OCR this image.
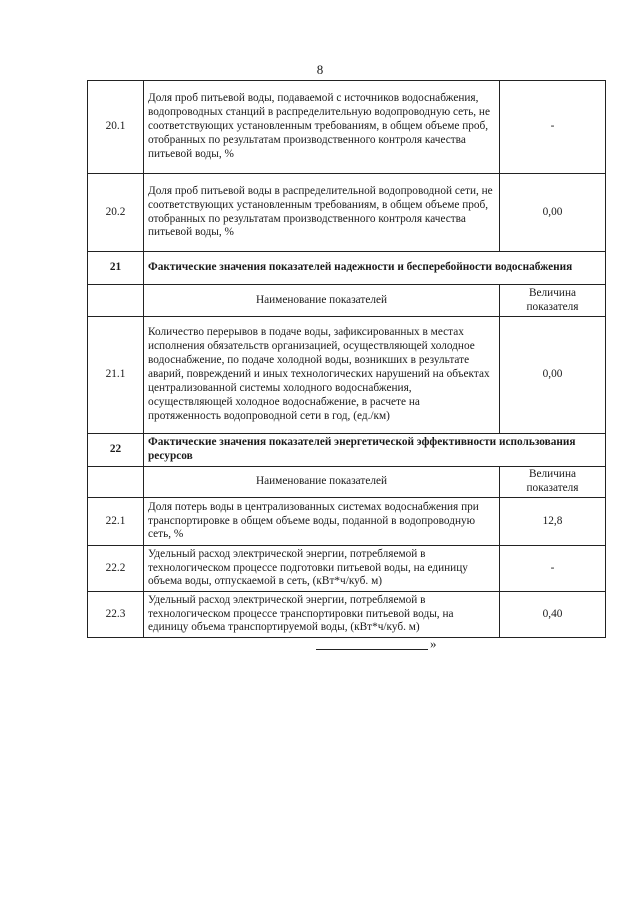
8
20.1	Доля проб питьевой воды, подаваемой с источников водоснабжения, водопроводных станций в распределительную водопроводную сеть, не соответствующих установленным требованиям, в общем объеме проб, отобранных по результатам производственного контроля качества питьевой воды, %	-
20.2	Доля проб питьевой воды в распределительной водопроводной сети, не соответствующих установленным требованиям, в общем объеме проб, отобранных по результатам производственного контроля качества питьевой воды, %	0,00
21	Фактические значения показателей надежности и бесперебойности водоснабжения	
	Наименование показателей	Величина показателя
21.1	Количество перерывов в подаче воды, зафиксированных в местах исполнения обязательств организацией, осуществляющей холодное водоснабжение, по подаче холодной воды, возникших в результате аварий, повреждений и иных технологических нарушений на объектах централизованной системы холодного водоснабжения, осуществляющей холодное водоснабжение, в расчете на протяженность водопроводной сети в год, (ед./км)	0,00
22	Фактические значения показателей энергетической эффективности использования ресурсов	
	Наименование показателей	Величина показателя
22.1	Доля потерь воды в централизованных системах водоснабжения при транспортировке в общем объеме воды, поданной в водопроводную сеть, %	12,8
22.2	Удельный расход электрической энергии, потребляемой в технологическом процессе подготовки питьевой воды, на единицу объема воды, отпускаемой в сеть, (кВт*ч/куб. м)	-
22.3	Удельный расход электрической энергии, потребляемой в технологическом процессе транспортировки питьевой воды, на единицу объема транспортируемой воды, (кВт*ч/куб. м)	0,40
»
